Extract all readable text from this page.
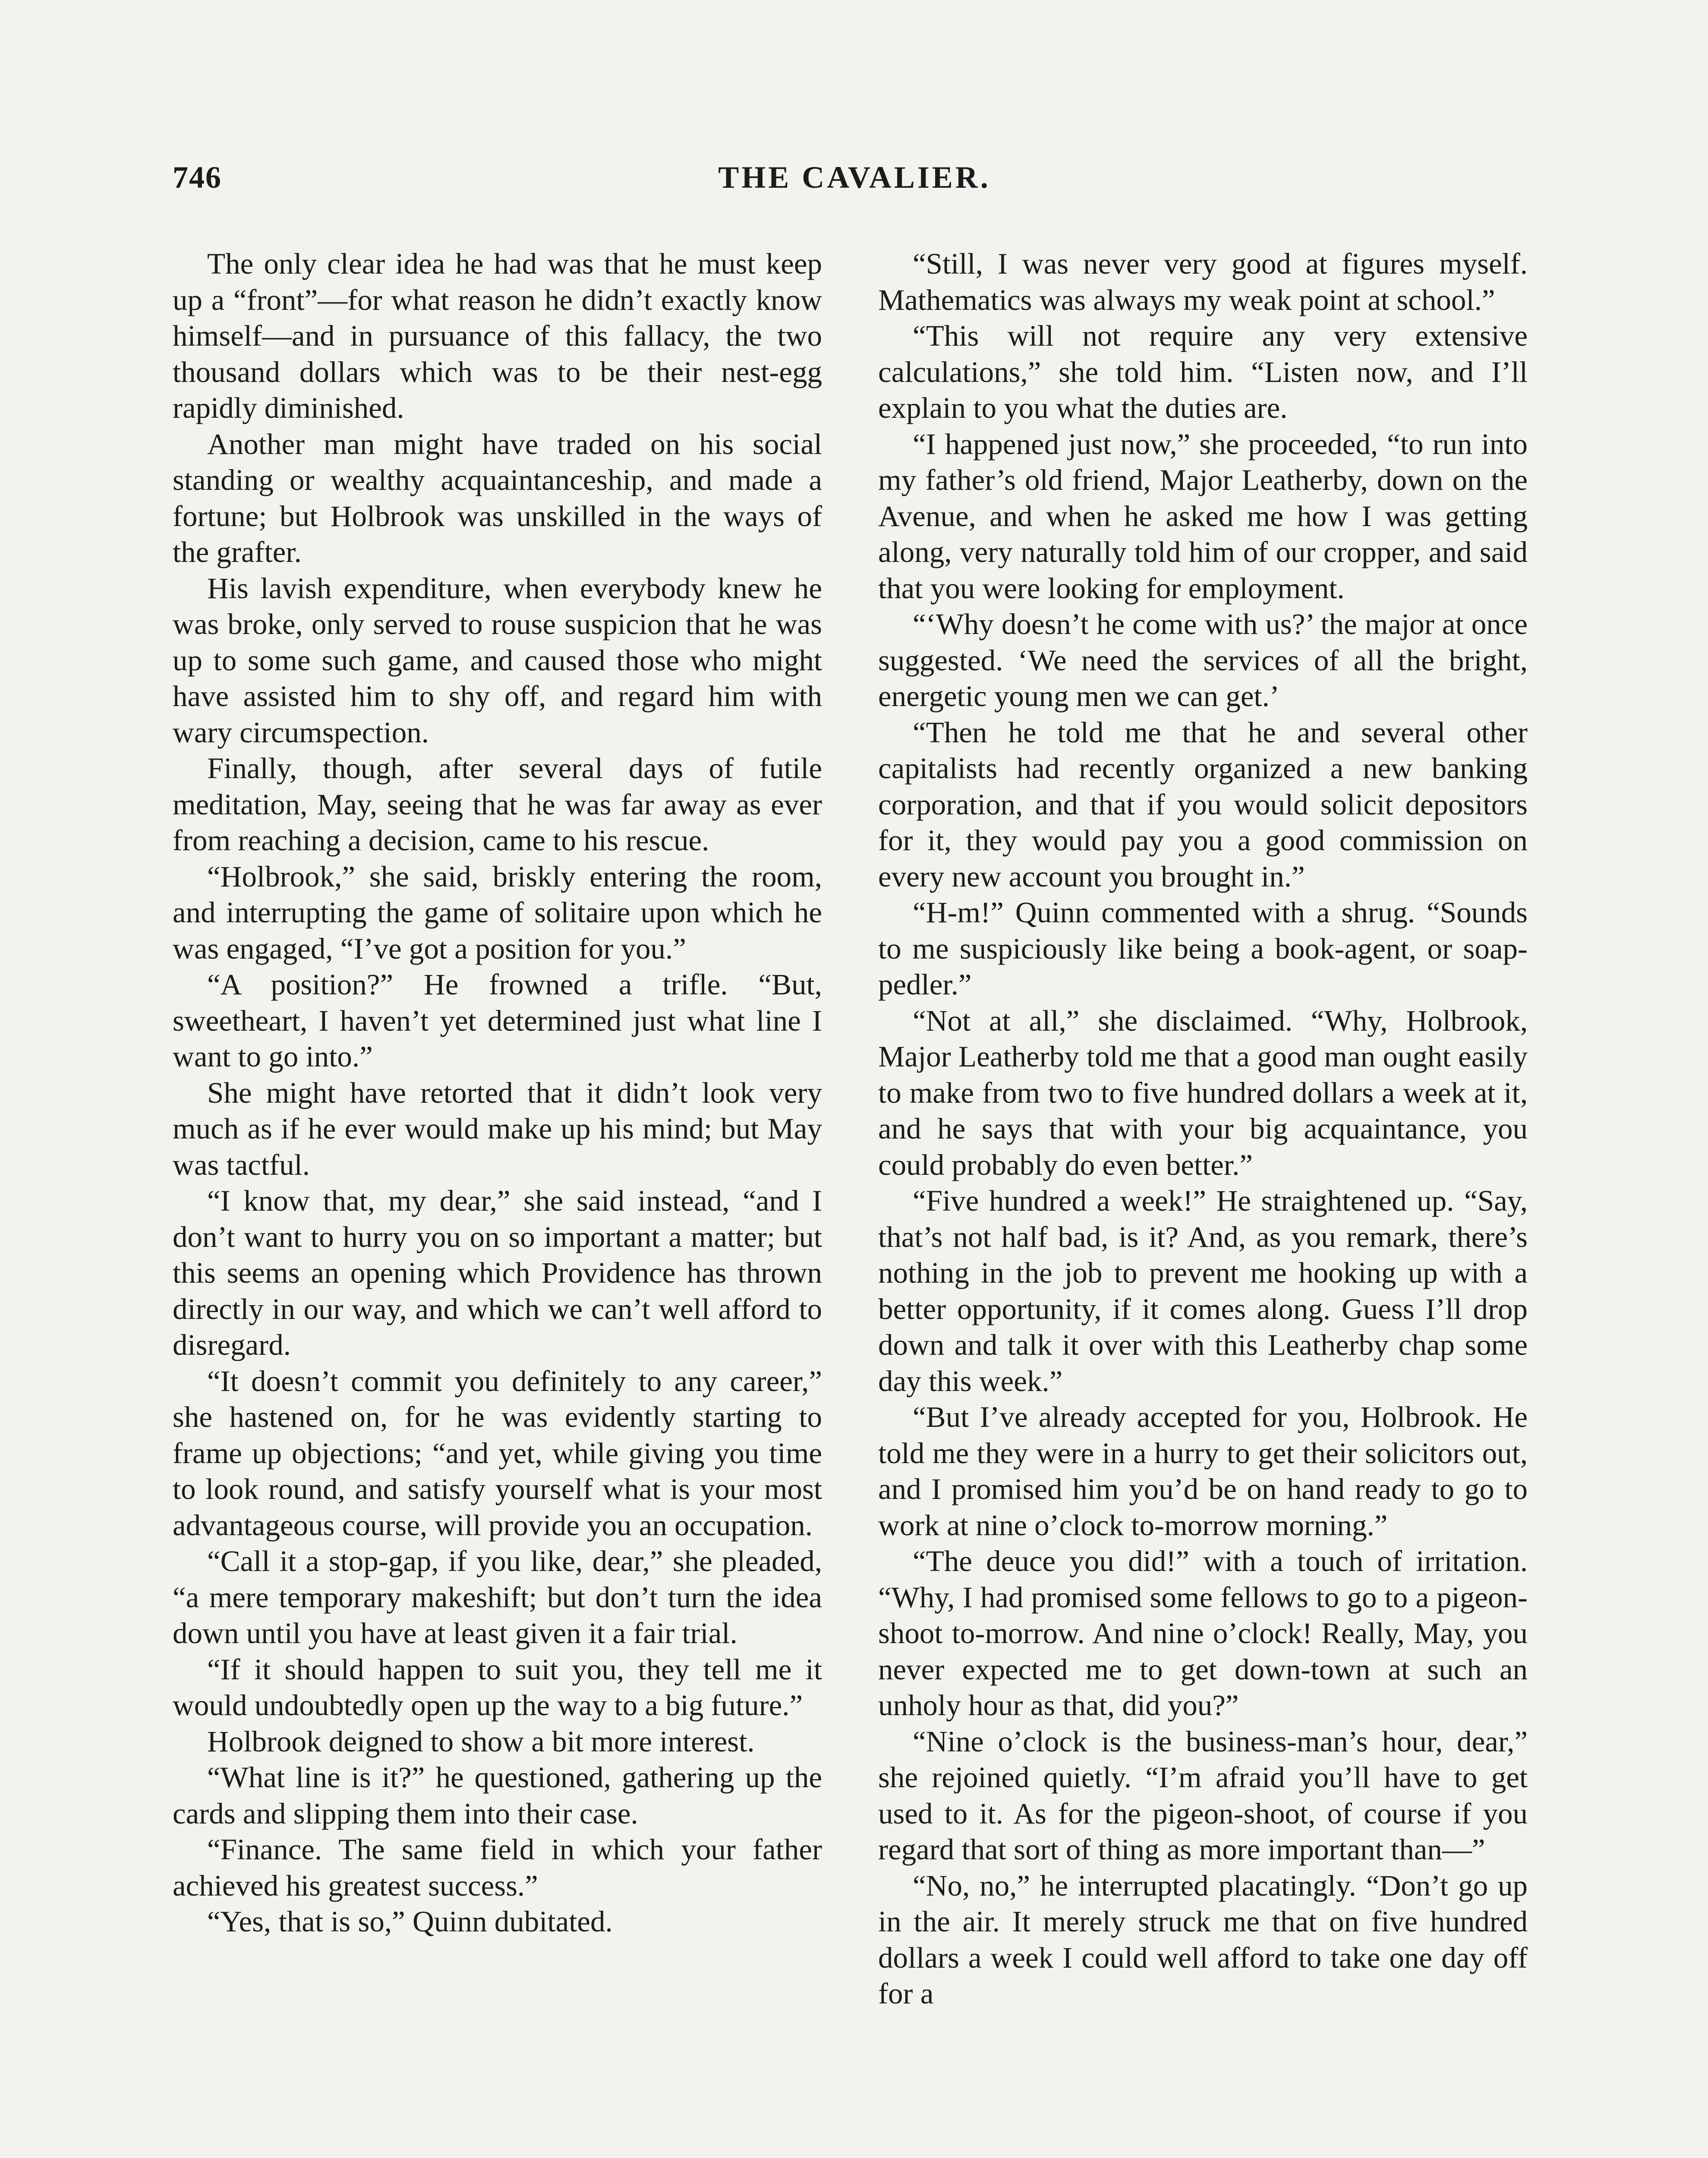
746	THE CAVALIER.

The only clear idea he had was that he must keep up a “front”—for what reason he didn’t exactly know himself—and in pursuance of this fallacy, the two thousand dollars which was to be their nest-egg rapidly diminished.

Another man might have traded on his social standing or wealthy acquaintanceship, and made a fortune; but Holbrook was unskilled in the ways of the grafter.

His lavish expenditure, when everybody knew he was broke, only served to rouse suspicion that he was up to some such game, and caused those who might have assisted him to shy off, and regard him with wary circumspection.

Finally, though, after several days of futile meditation, May, seeing that he was far away as ever from reaching a decision, came to his rescue.

“Holbrook,” she said, briskly entering the room, and interrupting the game of solitaire upon which he was engaged, “I’ve got a position for you.”

“A position?” He frowned a trifle. “But, sweetheart, I haven’t yet determined just what line I want to go into.”

She might have retorted that it didn’t look very much as if he ever would make up his mind; but May was tactful.

“I know that, my dear,” she said instead, “and I don’t want to hurry you on so important a matter; but this seems an opening which Providence has thrown directly in our way, and which we can’t well afford to disregard.

“It doesn’t commit you definitely to any career,” she hastened on, for he was evidently starting to frame up objections; “and yet, while giving you time to look round, and satisfy yourself what is your most advantageous course, will provide you an occupation.

“Call it a stop-gap, if you like, dear,” she pleaded, “a mere temporary makeshift; but don’t turn the idea down until you have at least given it a fair trial.

“If it should happen to suit you, they tell me it would undoubtedly open up the way to a big future.”

Holbrook deigned to show a bit more interest.

“What line is it?” he questioned, gathering up the cards and slipping them into their case.

“Finance. The same field in which your father achieved his greatest success.”

“Yes, that is so,” Quinn dubitated.

“Still, I was never very good at figures myself. Mathematics was always my weak point at school.”

“This will not require any very extensive calculations,” she told him. “Listen now, and I’ll explain to you what the duties are.

“I happened just now,” she proceeded, “to run into my father’s old friend, Major Leatherby, down on the Avenue, and when he asked me how I was getting along, very naturally told him of our cropper, and said that you were looking for employment.

“‘Why doesn’t he come with us?’ the major at once suggested. ‘We need the services of all the bright, energetic young men we can get.’

“Then he told me that he and several other capitalists had recently organized a new banking corporation, and that if you would solicit depositors for it, they would pay you a good commission on every new account you brought in.”

“H-m!” Quinn commented with a shrug. “Sounds to me suspiciously like being a book-agent, or soap-pedler.”

“Not at all,” she disclaimed. “Why, Holbrook, Major Leatherby told me that a good man ought easily to make from two to five hundred dollars a week at it, and he says that with your big acquaintance, you could probably do even better.”

“Five hundred a week!” He straightened up. “Say, that’s not half bad, is it? And, as you remark, there’s nothing in the job to prevent me hooking up with a better opportunity, if it comes along. Guess I’ll drop down and talk it over with this Leatherby chap some day this week.”

“But I’ve already accepted for you, Holbrook. He told me they were in a hurry to get their solicitors out, and I promised him you’d be on hand ready to go to work at nine o’clock to-morrow morning.”

“The deuce you did!” with a touch of irritation. “Why, I had promised some fellows to go to a pigeon-shoot to-morrow. And nine o’clock! Really, May, you never expected me to get down-town at such an unholy hour as that, did you?”

“Nine o’clock is the business-man’s hour, dear,” she rejoined quietly. “I’m afraid you’ll have to get used to it. As for the pigeon-shoot, of course if you regard that sort of thing as more important than—”

“No, no,” he interrupted placatingly. “Don’t go up in the air. It merely struck me that on five hundred dollars a week I could well afford to take one day off for a
